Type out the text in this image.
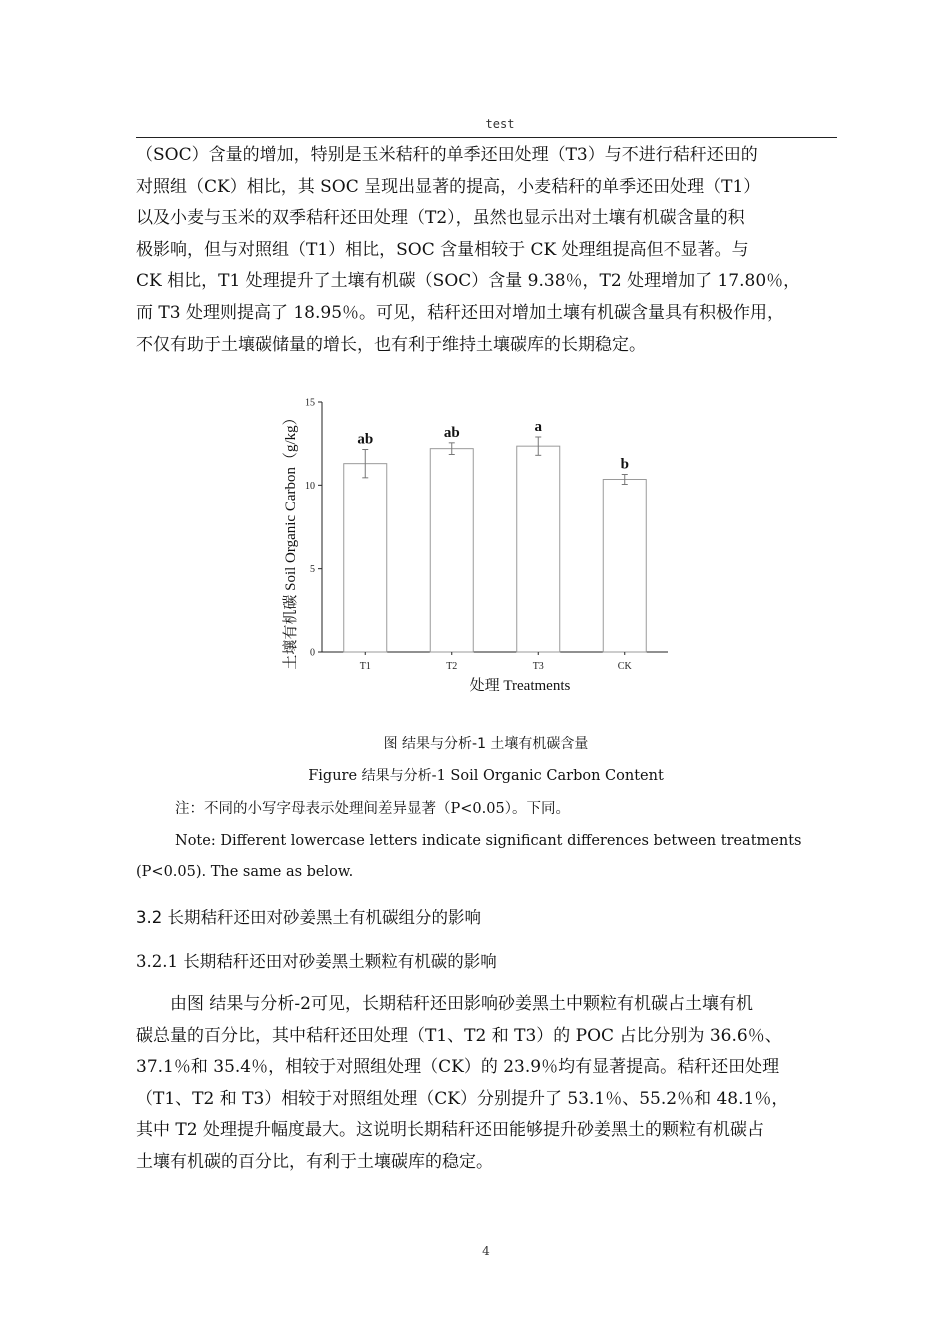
test
（SOC）含量的增加，特别是玉米秸秆的单季还田处理（T3）与不进行秸秆还田的
对照组（CK）相比，其 SOC 呈现出显著的提高，小麦秸秆的单季还田处理（T1）
以及小麦与玉米的双季秸秆还田处理（T2），虽然也显示出对土壤有机碳含量的积
极影响，但与对照组（T1）相比，SOC 含量相较于 CK 处理组提高但不显著。与
CK 相比，T1 处理提升了土壤有机碳（SOC）含量 9.38％，T2 处理增加了 17.80％，
而 T3 处理则提高了 18.95％。可见，秸秆还田对增加土壤有机碳含量具有积极作用，
不仅有助于土壤碳储量的增长，也有利于维持土壤碳库的长期稳定。
土壤有机碳 Soil Organic Carbon（g/kg）
处理 Treatments
0
5
10
15
ab
T1
ab
T2
a
T3
b
CK
图 结果与分析-1 土壤有机碳含量
Figure 结果与分析-1 Soil Organic Carbon Content
注：不同的小写字母表示处理间差异显著（P<0.05）。下同。
Note: Different lowercase letters indicate significant differences between treatments (P<0.05). The same as below.
3.2 长期秸秆还田对砂姜黑土有机碳组分的影响
3.2.1 长期秸秆还田对砂姜黑土颗粒有机碳的影响
由图 结果与分析-2可见，长期秸秆还田影响砂姜黑土中颗粒有机碳占土壤有机
碳总量的百分比，其中秸秆还田处理（T1、T2 和 T3）的 POC 占比分别为 36.6％、
37.1％和 35.4％，相较于对照组处理（CK）的 23.9％均有显著提高。秸秆还田处理
（T1、T2 和 T3）相较于对照组处理（CK）分别提升了 53.1％、55.2％和 48.1％，
其中 T2 处理提升幅度最大。这说明长期秸秆还田能够提升砂姜黑土的颗粒有机碳占
土壤有机碳的百分比，有利于土壤碳库的稳定。
4
